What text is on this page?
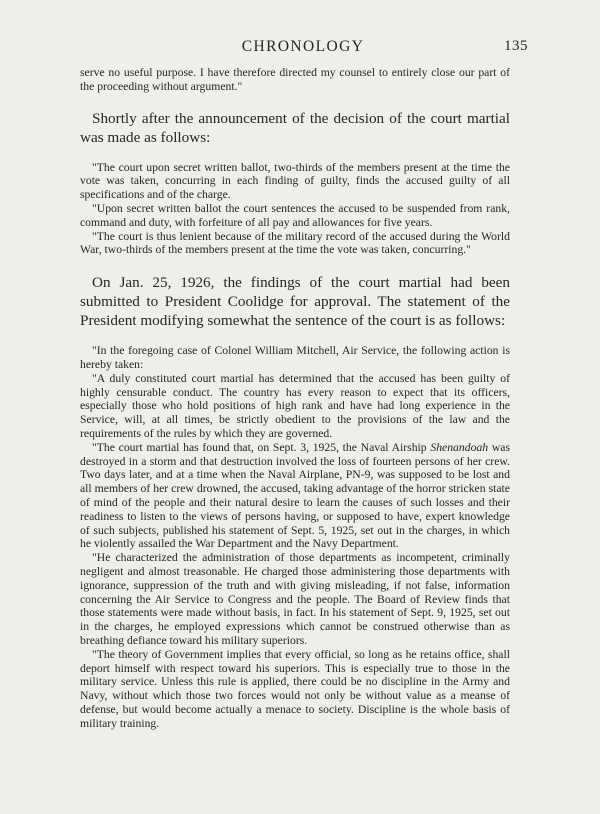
CHRONOLOGY	135

serve no useful purpose. I have therefore directed my counsel to entirely close our part of the proceeding without argument."

Shortly after the announcement of the decision of the court martial was made as follows:

"The court upon secret written ballot, two-thirds of the members present at the time the vote was taken, concurring in each finding of guilty, finds the accused guilty of all specifications and of the charge.

"Upon secret written ballot the court sentences the accused to be suspended from rank, command and duty, with forfeiture of all pay and allowances for five years.

"The court is thus lenient because of the military record of the accused during the World War, two-thirds of the members present at the time the vote was taken, concurring."

On Jan. 25, 1926, the findings of the court martial had been submitted to President Coolidge for approval. The statement of the President modifying somewhat the sentence of the court is as follows:

"In the foregoing case of Colonel William Mitchell, Air Service, the following action is hereby taken:

"A duly constituted court martial has determined that the accused has been guilty of highly censurable conduct. The country has every reason to expect that its officers, especially those who hold positions of high rank and have had long experience in the Service, will, at all times, be strictly obedient to the provisions of the law and the requirements of the rules by which they are governed.

"The court martial has found that, on Sept. 3, 1925, the Naval Airship Shenandoah was destroyed in a storm and that destruction involved the loss of fourteen persons of her crew. Two days later, and at a time when the Naval Airplane, PN-9, was supposed to be lost and all members of her crew drowned, the accused, taking advantage of the horror stricken state of mind of the people and their natural desire to learn the causes of such losses and their readiness to listen to the views of persons having, or supposed to have, expert knowledge of such subjects, published his statement of Sept. 5, 1925, set out in the charges, in which he violently assailed the War Department and the Navy Department.

"He characterized the administration of those departments as incompetent, criminally negligent and almost treasonable. He charged those administering those departments with ignorance, suppression of the truth and with giving misleading, if not false, information concerning the Air Service to Congress and the people. The Board of Review finds that those statements were made without basis, in fact. In his statement of Sept. 9, 1925, set out in the charges, he employed expressions which cannot be construed otherwise than as breathing defiance toward his military superiors.

"The theory of Government implies that every official, so long as he retains office, shall deport himself with respect toward his superiors. This is especially true to those in the military service. Unless this rule is applied, there could be no discipline in the Army and Navy, without which those two forces would not only be without value as a meanse of defense, but would become actually a menace to society. Discipline is the whole basis of military training.
